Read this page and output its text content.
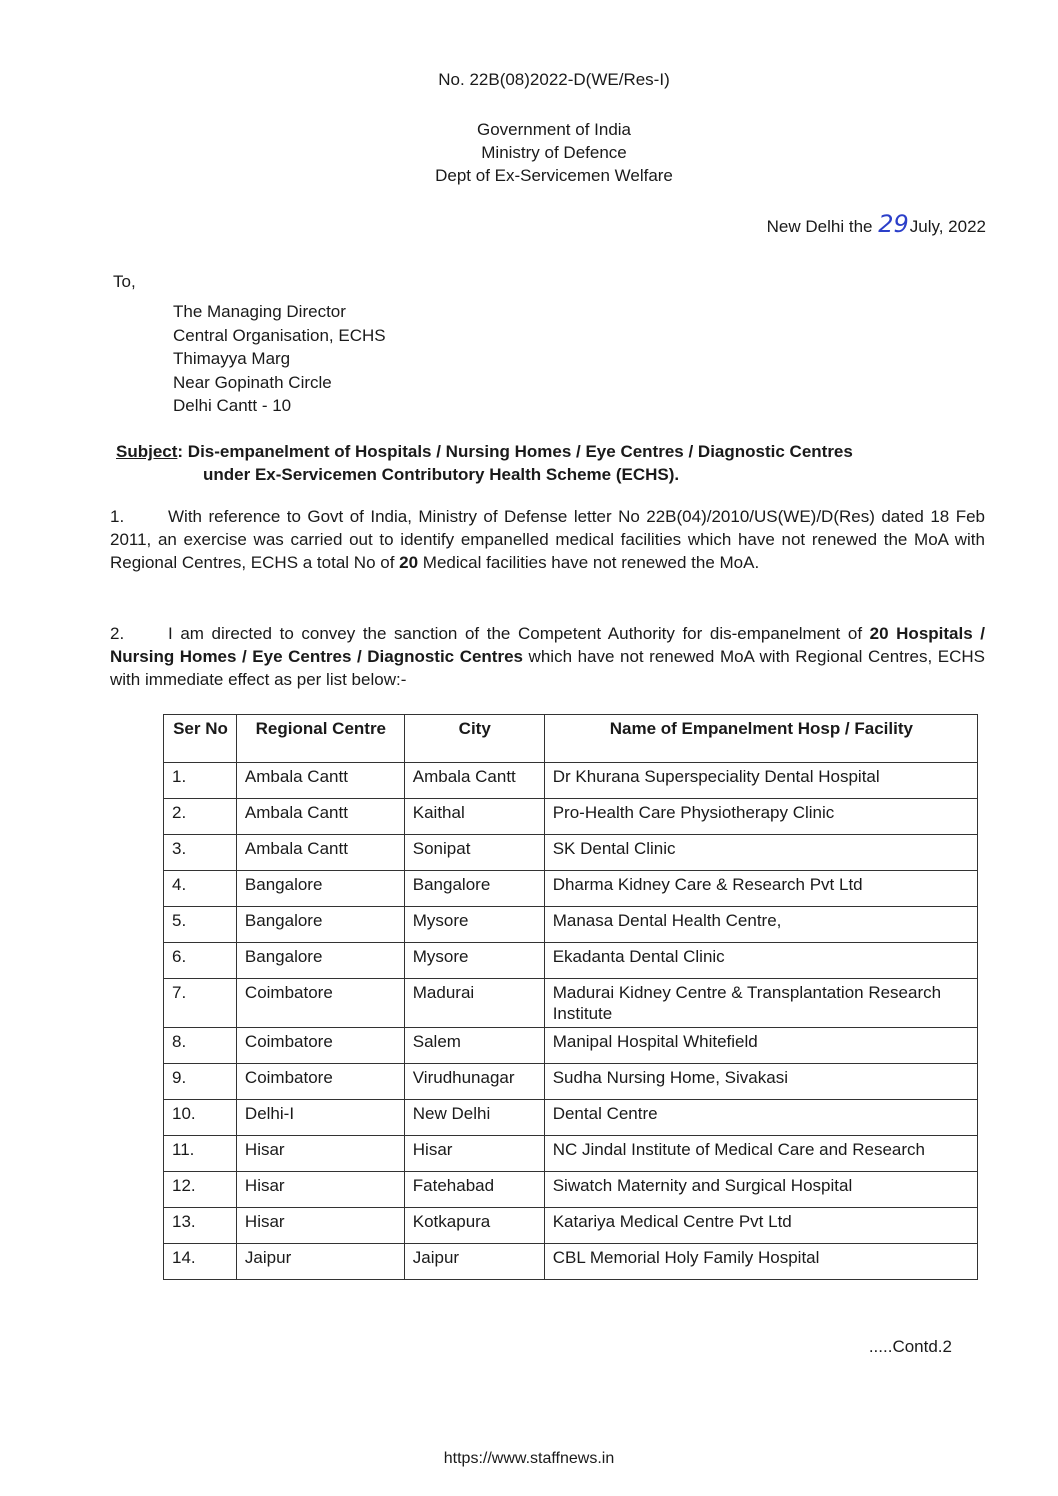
No. 22B(08)2022-D(WE/Res-I)
Government of India
Ministry of Defence
Dept of Ex-Servicemen Welfare
New Delhi the 29July, 2022
To,
The Managing Director
Central Organisation, ECHS
Thimayya Marg
Near Gopinath Circle
Delhi Cantt - 10
Subject: Dis-empanelment of Hospitals / Nursing Homes / Eye Centres / Diagnostic Centres
under Ex-Servicemen Contributory Health Scheme (ECHS).
1.	With reference to Govt of India, Ministry of Defense letter No 22B(04)/2010/US(WE)/D(Res) dated 18 Feb 2011, an exercise was carried out to identify empanelled medical facilities which have not renewed the MoA with Regional Centres, ECHS a total No of 20 Medical facilities have not renewed the MoA.
2.	I am directed to convey the sanction of the Competent Authority for dis-empanelment of 20 Hospitals / Nursing Homes / Eye Centres / Diagnostic Centres which have not renewed MoA with Regional Centres, ECHS with immediate effect as per list below:-
Ser No	Regional Centre	City	Name of Empanelment Hosp / Facility
1.	Ambala Cantt	Ambala Cantt	Dr Khurana Superspeciality Dental Hospital
2.	Ambala Cantt	Kaithal	Pro-Health Care Physiotherapy Clinic
3.	Ambala Cantt	Sonipat	SK Dental Clinic
4.	Bangalore	Bangalore	Dharma Kidney Care & Research Pvt Ltd
5.	Bangalore	Mysore	Manasa Dental Health Centre,
6.	Bangalore	Mysore	Ekadanta Dental Clinic
7.	Coimbatore	Madurai	Madurai Kidney Centre & Transplantation Research Institute
8.	Coimbatore	Salem	Manipal Hospital Whitefield
9.	Coimbatore	Virudhunagar	Sudha Nursing Home, Sivakasi
10.	Delhi-I	New Delhi	Dental Centre
11.	Hisar	Hisar	NC Jindal Institute of Medical Care and Research
12.	Hisar	Fatehabad	Siwatch Maternity and Surgical Hospital
13.	Hisar	Kotkapura	Katariya Medical Centre Pvt Ltd
14.	Jaipur	Jaipur	CBL Memorial Holy Family Hospital
.....Contd.2
https://www.staffnews.in
